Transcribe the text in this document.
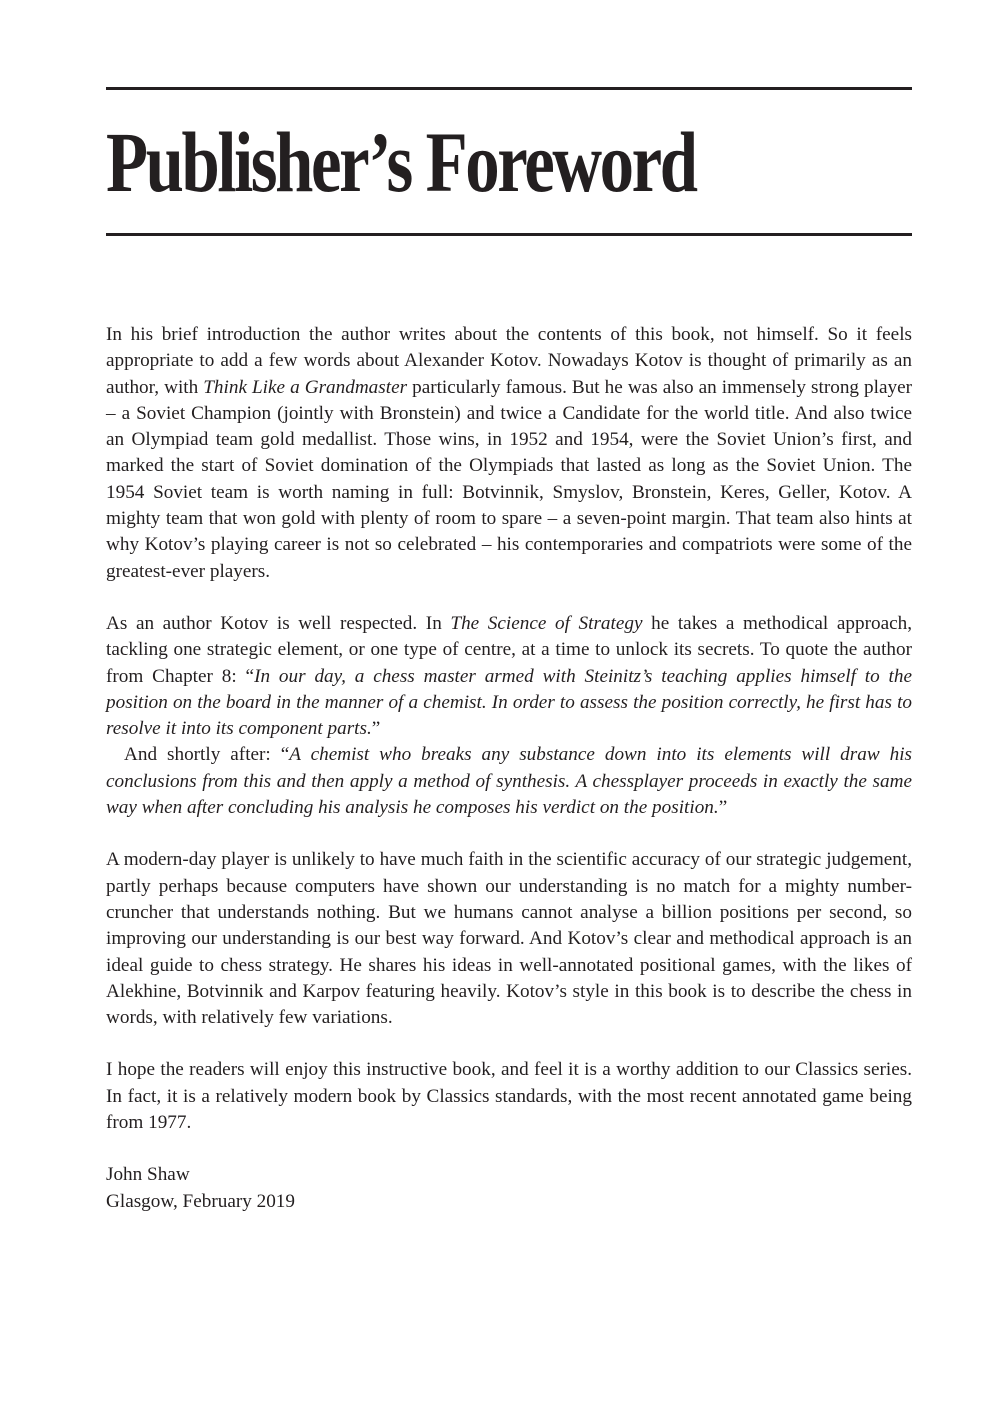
Publisher’s Foreword

In his brief introduction the author writes about the contents of this book, not himself. So it feels appropriate to add a few words about Alexander Kotov. Nowadays Kotov is thought of primarily as an author, with Think Like a Grandmaster particularly famous. But he was also an immensely strong player – a Soviet Champion (jointly with Bronstein) and twice a Candidate for the world title. And also twice an Olympiad team gold medallist. Those wins, in 1952 and 1954, were the Soviet Union’s first, and marked the start of Soviet domination of the Olympiads that lasted as long as the Soviet Union. The 1954 Soviet team is worth naming in full: Botvinnik, Smyslov, Bronstein, Keres, Geller, Kotov. A mighty team that won gold with plenty of room to spare – a seven-point margin. That team also hints at why Kotov’s playing career is not so celebrated – his contemporaries and compatriots were some of the greatest-ever players.

As an author Kotov is well respected. In The Science of Strategy he takes a methodical approach, tackling one strategic element, or one type of centre, at a time to unlock its secrets. To quote the author from Chapter 8: “In our day, a chess master armed with Steinitz’s teaching applies himself to the position on the board in the manner of a chemist. In order to assess the position correctly, he first has to resolve it into its component parts.”

And shortly after: “A chemist who breaks any substance down into its elements will draw his conclusions from this and then apply a method of synthesis. A chessplayer proceeds in exactly the same way when after concluding his analysis he composes his verdict on the position.”

A modern-day player is unlikely to have much faith in the scientific accuracy of our strategic judgement, partly perhaps because computers have shown our understanding is no match for a mighty number-cruncher that understands nothing. But we humans cannot analyse a billion positions per second, so improving our understanding is our best way forward. And Kotov’s clear and methodical approach is an ideal guide to chess strategy. He shares his ideas in well-annotated positional games, with the likes of Alekhine, Botvinnik and Karpov featuring heavily. Kotov’s style in this book is to describe the chess in words, with relatively few variations.

I hope the readers will enjoy this instructive book, and feel it is a worthy addition to our Classics series. In fact, it is a relatively modern book by Classics standards, with the most recent annotated game being from 1977.

John Shaw

Glasgow, February 2019
